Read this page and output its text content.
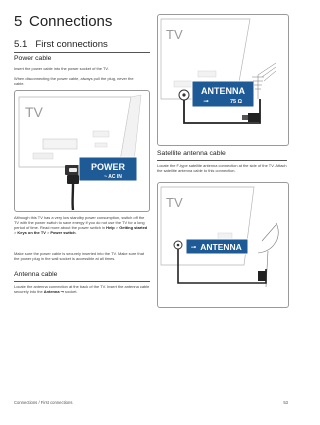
5 Connections
5.1 First connections
Power cable

Insert the power cable into the power socket of the TV.

When disconnecting the power cable, always pull the plug, never the cable.

TV
POWER
~ AC IN

Although this TV has a very low standby power consumption, switch off the TV with the power switch to save energy if you do not use the TV for a long period of time. Read more about the power switch in Help > Getting started > Keys on the TV > Power switch.

Make sure the power cable is securely inserted into the TV. Make sure that the power plug in the wall socket is accessible at all times.

Antenna cable

Locate the antenna connection at the back of the TV. Insert the antenna cable securely into the Antenna ⊸ socket.

Connections / First connections
TV
ANTENNA
75 Ω
⊸
Satellite antenna cable

Locate the F-type satellite antenna connection at the side of the TV. Attach the satellite antenna cable to this connection.

TV
⊸ ANTENNA
53
